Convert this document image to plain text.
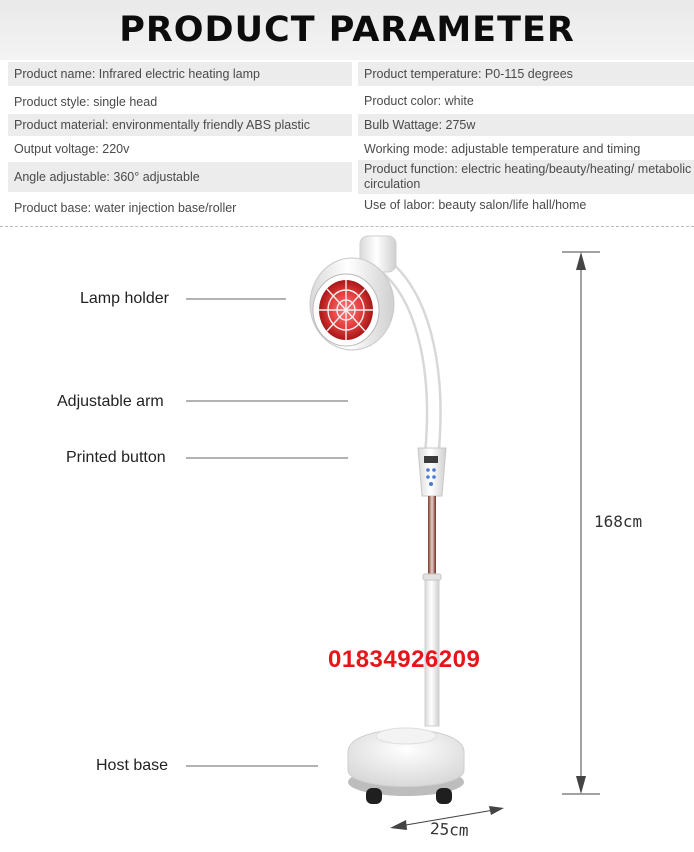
PRODUCT PARAMETER
Product name: Infrared electric heating lamp
Product style: single head
Product material: environmentally friendly ABS plastic
Output voltage: 220v
Angle adjustable: 360° adjustable
Product base: water injection base/roller
Product temperature: P0-115 degrees
Product color: white
Bulb Wattage: 275w
Working mode: adjustable temperature and timing
Product function: electric heating/beauty/heating/ metabolic circulation
Use of labor: beauty salon/life hall/home
Lamp holder
Adjustable arm
Printed button
Host base
01834926209
168cm
25cm
